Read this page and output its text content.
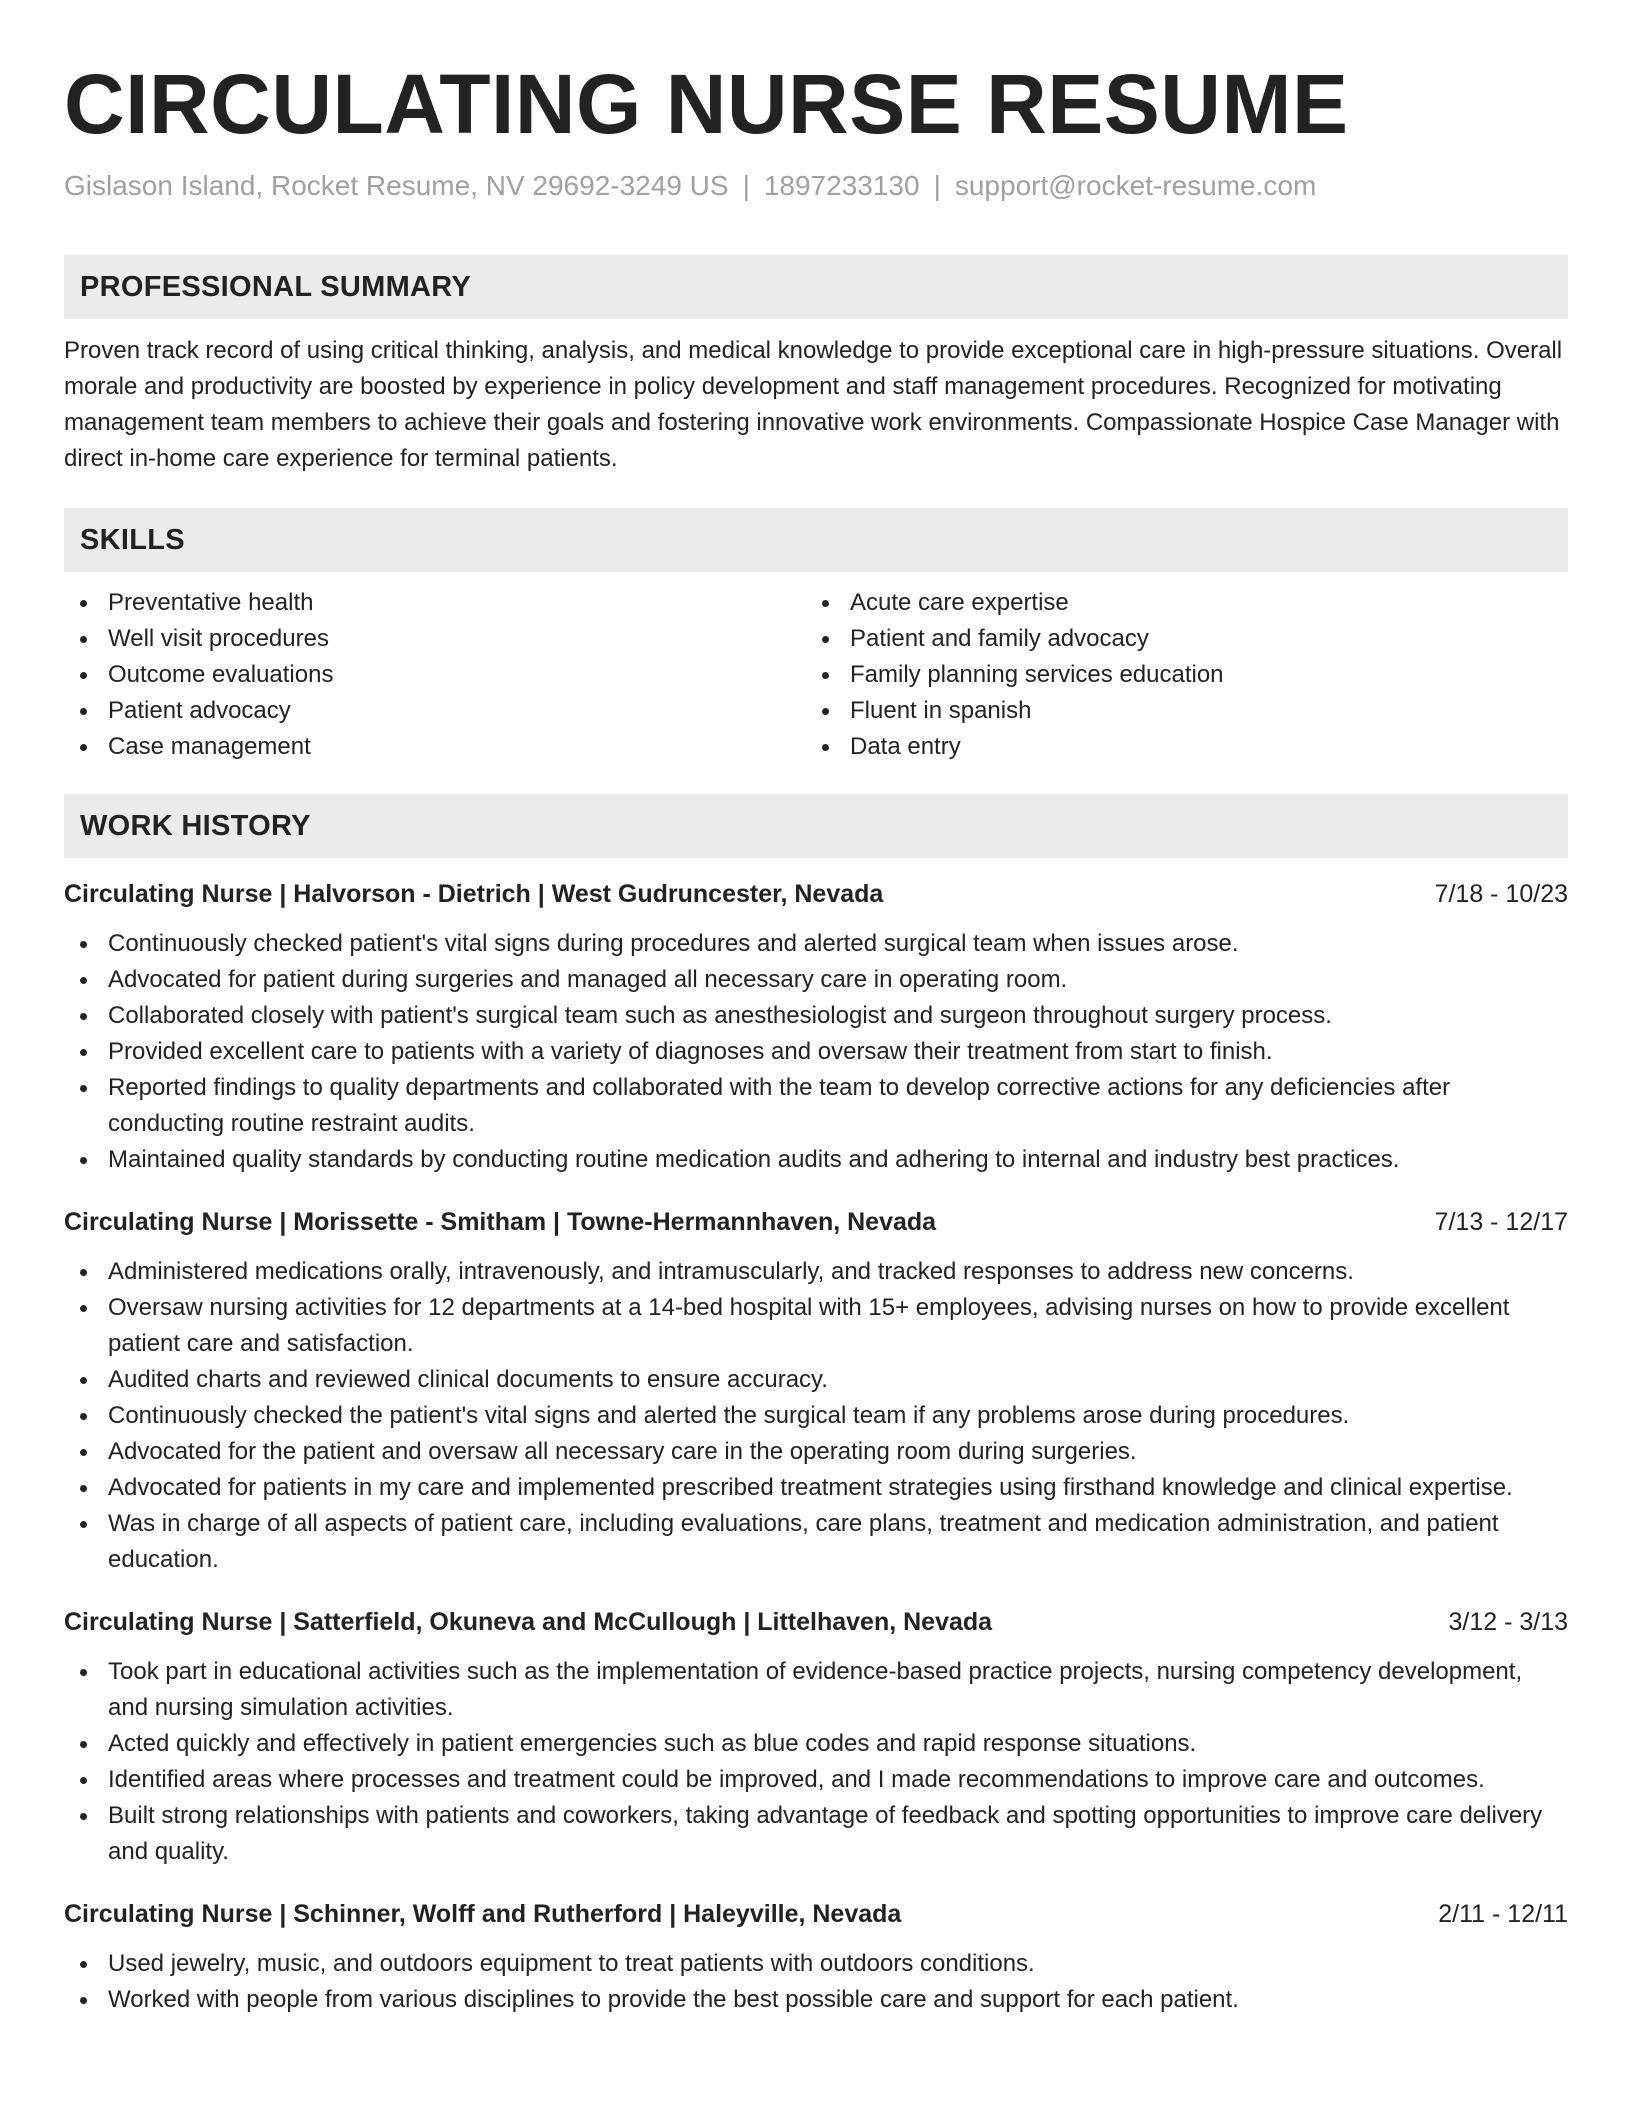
CIRCULATING NURSE RESUME
Gislason Island, Rocket Resume, NV 29692-3249 US | 1897233130 | support@rocket-resume.com
PROFESSIONAL SUMMARY
Proven track record of using critical thinking, analysis, and medical knowledge to provide exceptional care in high-pressure situations. Overall morale and productivity are boosted by experience in policy development and staff management procedures. Recognized for motivating management team members to achieve their goals and fostering innovative work environments. Compassionate Hospice Case Manager with direct in-home care experience for terminal patients.
SKILLS
Preventative health
Well visit procedures
Outcome evaluations
Patient advocacy
Case management
Acute care expertise
Patient and family advocacy
Family planning services education
Fluent in spanish
Data entry
WORK HISTORY
Circulating Nurse | Halvorson - Dietrich | West Gudruncester, Nevada	7/18 - 10/23
Continuously checked patient's vital signs during procedures and alerted surgical team when issues arose.
Advocated for patient during surgeries and managed all necessary care in operating room.
Collaborated closely with patient's surgical team such as anesthesiologist and surgeon throughout surgery process.
Provided excellent care to patients with a variety of diagnoses and oversaw their treatment from start to finish.
Reported findings to quality departments and collaborated with the team to develop corrective actions for any deficiencies after conducting routine restraint audits.
Maintained quality standards by conducting routine medication audits and adhering to internal and industry best practices.
Circulating Nurse | Morissette - Smitham | Towne-Hermannhaven, Nevada	7/13 - 12/17
Administered medications orally, intravenously, and intramuscularly, and tracked responses to address new concerns.
Oversaw nursing activities for 12 departments at a 14-bed hospital with 15+ employees, advising nurses on how to provide excellent patient care and satisfaction.
Audited charts and reviewed clinical documents to ensure accuracy.
Continuously checked the patient's vital signs and alerted the surgical team if any problems arose during procedures.
Advocated for the patient and oversaw all necessary care in the operating room during surgeries.
Advocated for patients in my care and implemented prescribed treatment strategies using firsthand knowledge and clinical expertise.
Was in charge of all aspects of patient care, including evaluations, care plans, treatment and medication administration, and patient education.
Circulating Nurse | Satterfield, Okuneva and McCullough | Littelhaven, Nevada	3/12 - 3/13
Took part in educational activities such as the implementation of evidence-based practice projects, nursing competency development, and nursing simulation activities.
Acted quickly and effectively in patient emergencies such as blue codes and rapid response situations.
Identified areas where processes and treatment could be improved, and I made recommendations to improve care and outcomes.
Built strong relationships with patients and coworkers, taking advantage of feedback and spotting opportunities to improve care delivery and quality.
Circulating Nurse | Schinner, Wolff and Rutherford | Haleyville, Nevada	2/11 - 12/11
Used jewelry, music, and outdoors equipment to treat patients with outdoors conditions.
Worked with people from various disciplines to provide the best possible care and support for each patient.
